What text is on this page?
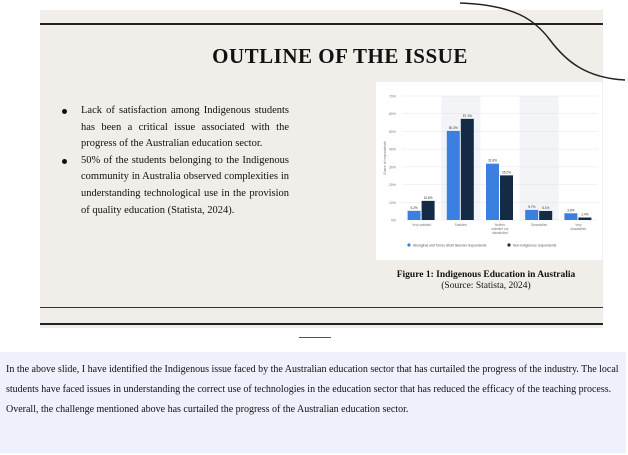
OUTLINE OF THE ISSUE
Lack of satisfaction among Indigenous students has been a critical issue associated with the progress of the Australian education sector.
50% of the students belonging to the Indigenous community in Australia observed complexities in understanding technological use in the provision of quality education (Statista, 2024).
0%
10%
20%
30%
40%
50%
60%
70%
Share of respondents
5.2%
10.8%
Very satisfied
50.3%
57.1%
Satisfied
31.8%
25.2%
Neither
satisfied nor
dissatisfied
5.7% 5.1%
Dissatisfied
3.8%
1.4%
Very
dissatisfied
Aboriginal and Torres Strait Islander respondents	Non-indigenous respondents
Figure 1: Indigenous Education in Australia
(Source: Statista, 2024)

In the above slide, I have identified the Indigenous issue faced by the Australian education sector that has curtailed the progress of the industry. The local students have faced issues in understanding the correct use of technologies in the education sector that has reduced the efficacy of the teaching process. Overall, the challenge mentioned above has curtailed the progress of the Australian education sector.
